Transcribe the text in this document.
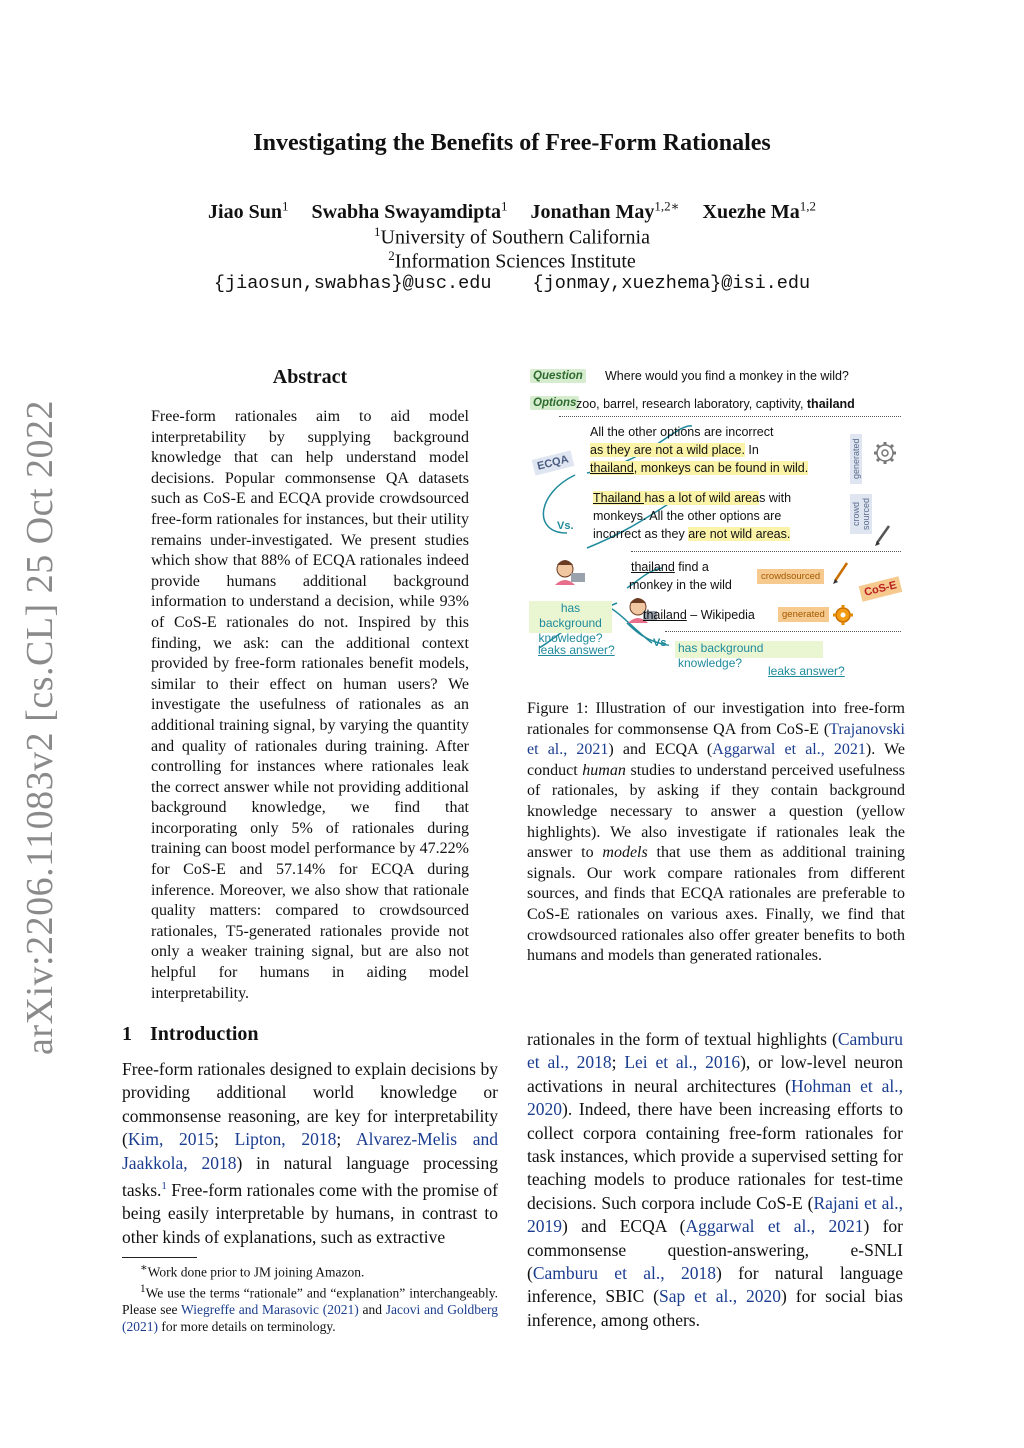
arXiv:2206.11083v2 [cs.CL] 25 Oct 2022
Investigating the Benefits of Free-Form Rationales
Jiao Sun$^1$ Swabha Swayamdipta$^1$ Jonathan May$^{1,2∗}$ Xuezhe Ma$^{1,2}$
$^1$University of Southern California
$^2$Information Sciences Institute
{jiaosun,swabhas}@usc.edu {jonmay,xuezhema}@isi.edu
Abstract

Free-form rationales aim to aid model interpretability by supplying background knowledge that can help understand model decisions. Popular commonsense QA datasets such as CoS-E and ECQA provide crowdsourced free-form rationales for instances, but their utility remains under-investigated. We present studies which show that 88% of ECQA rationales indeed provide humans additional background information to understand a decision, while 93% of CoS-E rationales do not. Inspired by this finding, we ask: can the additional context provided by free-form rationales benefit models, similar to their effect on human users? We investigate the usefulness of rationales as an additional training signal, by varying the quantity and quality of rationales during training. After controlling for instances where rationales leak the correct answer while not providing additional background knowledge, we find that incorporating only 5% of rationales during training can boost model performance by 47.22% for CoS-E and 57.14% for ECQA during inference. Moreover, we also show that rationale quality matters: compared to crowdsourced rationales, T5-generated rationales provide not only a weaker training signal, but are also not helpful for humans in aiding model interpretability.

1 Introduction

Free-form rationales designed to explain decisions by providing additional world knowledge or commonsense reasoning, are key for interpretability (Kim, 2015; Lipton, 2018; Alvarez-Melis and Jaakkola, 2018) in natural language processing tasks.$^1$ Free-form rationales come with the promise of being easily interpretable by humans, in contrast to other kinds of explanations, such as extractive

rationales in the form of textual highlights (Camburu et al., 2018; Lei et al., 2016), or low-level neuron activations in neural architectures (Hohman et al., 2020). Indeed, there have been increasing efforts to collect corpora containing free-form rationales for task instances, which provide a supervised setting for teaching models to produce rationales for test-time decisions. Such corpora include CoS-E (Rajani et al., 2019) and ECQA (Aggarwal et al., 2021) for commonsense question-answering, e-SNLI (Camburu et al., 2018) for natural language inference, SBIC (Sap et al., 2020) for social bias inference, among others.

∗Work done prior to JM joining Amazon.

$^1$We use the terms “rationale” and “explanation” interchangeably. Please see Wiegreffe and Marasovic (2021) and Jacovi and Goldberg (2021) for more details on terminology.

Question Where would you find a monkey in the wild?
Options zoo, barrel, research laboratory, captivity, thailand
ECQA
All the other options are incorrect
as they are not a wild place. In
thailand, monkeys can be found in wild.	generated
Vs.
Thailand has a lot of wild areas with
monkeys. All the other options are
incorrect as they are not wild areas.
crowd sourced
thailand find a
monkey in the wild
crowdsourced
CoS-E
thailand – Wikipedia	generated
has background knowledge?
leaks answer?	Vs. has background knowledge?
leaks answer?

Figure 1: Illustration of our investigation into free-form rationales for commonsense QA from CoS-E (Trajanovski et al., 2021) and ECQA (Aggarwal et al., 2021). We conduct human studies to understand perceived usefulness of rationales, by asking if they contain background knowledge necessary to answer a question (yellow highlights). We also investigate if rationales leak the answer to models that use them as additional training signals. Our work compare rationales from different sources, and finds that ECQA rationales are preferable to CoS-E rationales on various axes. Finally, we find that crowdsourced rationales also offer greater benefits to both humans and models than generated rationales.
